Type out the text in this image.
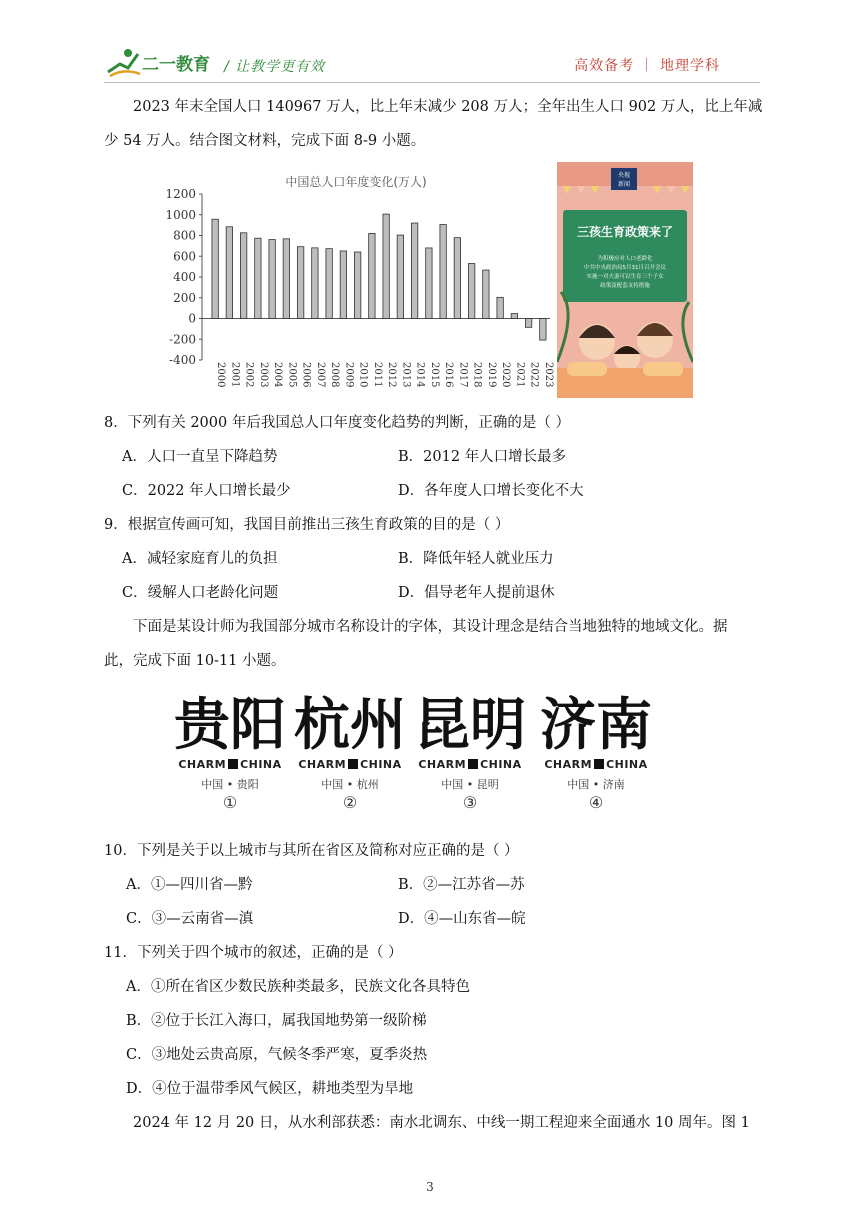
二一教育 / 让教学更有效	高效备考 ｜ 地理学科
2023 年末全国人口 140967 万人，比上年末减少 208 万人；全年出生人口 902 万人，比上年减
少 54 万人。结合图文材料，完成下面 8-9 小题。
中国总人口年度变化(万人)
1200
1000
800
600
400
200
0
-200
-400
2000 2001 2002 2003 2004 2005 2006 2007 2008 2009 2010 2011 2012 2013 2014 2015 2016 2017 2018 2019 2020 2021 2022 2023
央视
新闻
三孩生育政策来了
为积极应对人口老龄化
中共中央政治局5月31日召开会议
实施一对夫妻可以生育三个子女
政策及配套支持措施
8．下列有关 2000 年后我国总人口年度变化趋势的判断，正确的是（ ）
A．人口一直呈下降趋势	B．2012 年人口增长最多
C．2022 年人口增长最少	D．各年度人口增长变化不大
9．根据宣传画可知，我国目前推出三孩生育政策的目的是（ ）
A．减轻家庭育儿的负担	B．降低年轻人就业压力
C．缓解人口老龄化问题	D．倡导老年人提前退休
下面是某设计师为我国部分城市名称设计的字体，其设计理念是结合当地独特的地域文化。据
此，完成下面 10-11 小题。
贵阳
CHARM CHINA
中国 • 贵阳
①
杭州
CHARM CHINA
中国 • 杭州
②
昆明
CHARM CHINA
中国 • 昆明
③
济南
CHARM CHINA
中国 • 济南
④
10．下列是关于以上城市与其所在省区及简称对应正确的是（ ）
A．①—四川省—黔	B．②—江苏省—苏
C．③—云南省—滇	D．④—山东省—皖
11．下列关于四个城市的叙述，正确的是（ ）
A．①所在省区少数民族种类最多，民族文化各具特色
B．②位于长江入海口，属我国地势第一级阶梯
C．③地处云贵高原，气候冬季严寒，夏季炎热
D．④位于温带季风气候区，耕地类型为旱地
2024 年 12 月 20 日，从水利部获悉：南水北调东、中线一期工程迎来全面通水 10 周年。图 1
3
